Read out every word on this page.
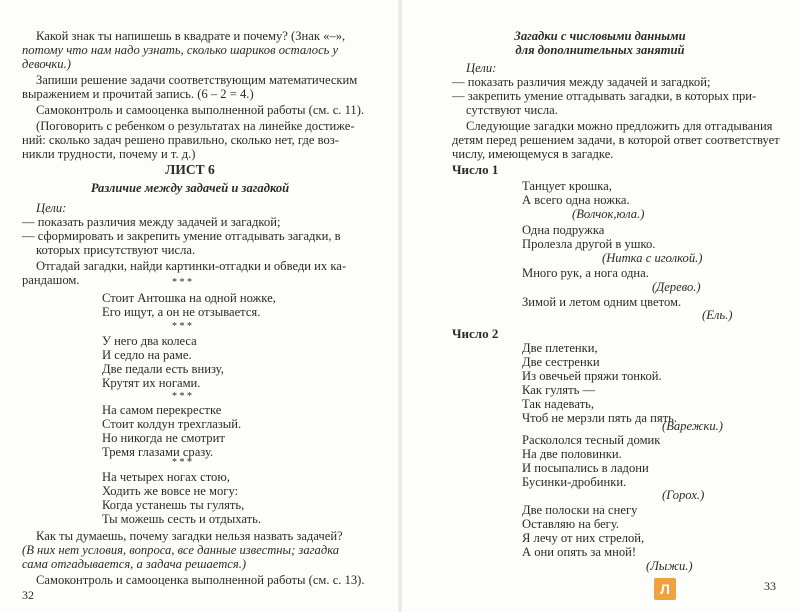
Какой знак ты напишешь в квадрате и почему? (Знак «–»,
потому что нам надо узнать, сколько шариков осталось у
девочки.)
Запиши решение задачи соответствующим математическим
выражением и прочитай запись. (6 – 2 = 4.)
Самоконтроль и самооценка выполненной работы (см. с. 11).
(Поговорить с ребенком о результатах на линейке достиже-
ний: сколько задач решено правильно, сколько нет, где воз-
никли трудности, почему и т. д.)
ЛИСТ 6
Различие между задачей и загадкой
Цели:
— показать различия между задачей и загадкой;
— сформировать и закрепить умение отгадывать загадки, в
которых присутствуют числа.
Отгадай загадки, найди картинки-отгадки и обведи их ка-
рандашом.	* * *
Стоит Антошка на одной ножке,
Его ищут, а он не отзывается.
* * *
У него два колеса
И седло на раме.
Две педали есть внизу,
Крутят их ногами.
* * *
На самом перекрестке
Стоит колдун трехглазый.
Но никогда не смотрит
Тремя глазами сразу.
* * *
На четырех ногах стою,
Ходить же вовсе не могу:
Когда устанешь ты гулять,
Ты можешь сесть и отдыхать.
Как ты думаешь, почему загадки нельзя назвать задачей?
(В них нет условия, вопроса, все данные известны; загадка
сама отгадывается, а задача решается.)
Самоконтроль и самооценка выполненной работы (см. с. 13).
32
Загадки с числовыми данными
для дополнительных занятий
Цели:
— показать различия между задачей и загадкой;
— закрепить умение отгадывать загадки, в которых при-
сутствуют числа.
Следующие загадки можно предложить для отгадывания
детям перед решением задачи, в которой ответ соответствует
числу, имеющемуся в загадке.
Число 1
Танцует крошка,
А всего одна ножка.
(Волчок,юла.)
Одна подружка
Пролезла другой в ушко.
(Нитка с иголкой.)
Много рук, а нога одна.
(Дерево.)
Зимой и летом одним цветом.
(Ель.)
Число 2
Две плетенки,
Две сестренки
Из овечьей пряжи тонкой.
Как гулять —
Так надевать,
Чтоб не мерзли пять да пять.
(Варежки.)
Раскололся тесный домик
На две половинки.
И посыпались в ладони
Бусинки-дробинки.
(Горох.)
Две полоски на снегу
Оставляю на бегу.
Я лечу от них стрелой,
А они опять за мной!
(Лыжи.)
33
Л
